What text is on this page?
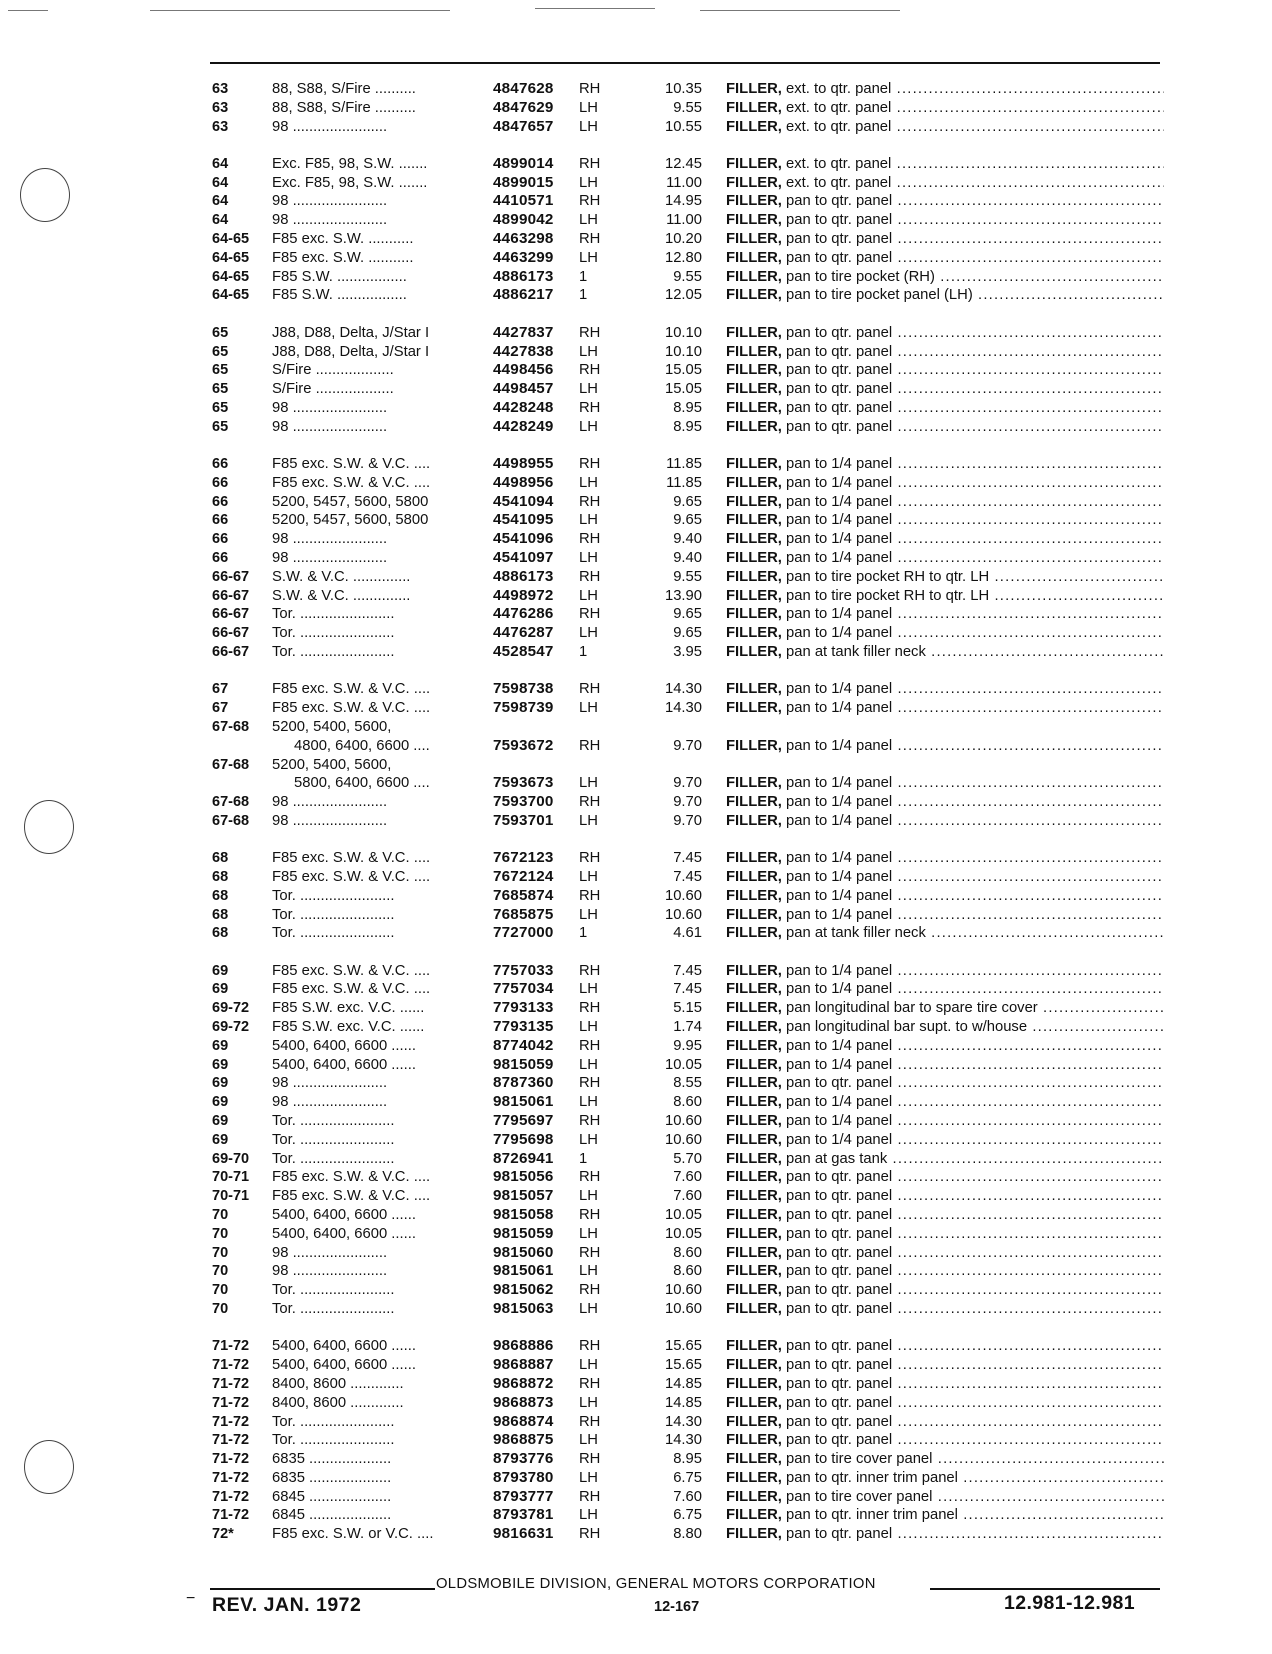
63	88, S88, S/Fire ..........	4847628	RH	10.35 FILLER, ext. to qtr. panel .....
63	88, S88, S/Fire ..........	4847629	LH	9.55 FILLER, ext. to qtr. panel .....
63	98 .......................	4847657	LH	10.55 FILLER, ext. to qtr. panel .....
64	Exc. F85, 98, S.W. .......	4899014	RH	12.45 FILLER, ext. to qtr. panel .....
64	Exc. F85, 98, S.W. .......	4899015	LH	11.00 FILLER, ext. to qtr. panel .....
64	98 .......................	4410571	RH	14.95 FILLER, pan to qtr. panel .....
64	98 .......................	4899042	LH	11.00 FILLER, pan to qtr. panel .....
64-65	F85 exc. S.W. ...........	4463298	RH	10.20 FILLER, pan to qtr. panel .....
64-65	F85 exc. S.W. ...........	4463299	LH	12.80 FILLER, pan to qtr. panel .....
64-65	F85 S.W. .................	4886173	1	9.55 FILLER, pan to tire pocket (RH) .....
64-65	F85 S.W. .................	4886217	1	12.05 FILLER, pan to tire pocket panel (LH) .....
65	J88, D88, Delta, J/Star I	4427837	RH	10.10 FILLER, pan to qtr. panel .....
65	J88, D88, Delta, J/Star I	4427838	LH	10.10 FILLER, pan to qtr. panel .....
65	S/Fire ...................	4498456	RH	15.05 FILLER, pan to qtr. panel .....
65	S/Fire ...................	4498457	LH	15.05 FILLER, pan to qtr. panel .....
65	98 .......................	4428248	RH	8.95 FILLER, pan to qtr. panel .....
65	98 .......................	4428249	LH	8.95 FILLER, pan to qtr. panel .....
66	F85 exc. S.W. & V.C. ....	4498955	RH	11.85 FILLER, pan to 1/4 panel .....
66	F85 exc. S.W. & V.C. ....	4498956	LH	11.85 FILLER, pan to 1/4 panel .....
66	5200, 5457, 5600, 5800	4541094	RH	9.65 FILLER, pan to 1/4 panel .....
66	5200, 5457, 5600, 5800	4541095	LH	9.65 FILLER, pan to 1/4 panel .....
66	98 .......................	4541096	RH	9.40 FILLER, pan to 1/4 panel .....
66	98 .......................	4541097	LH	9.40 FILLER, pan to 1/4 panel .....
66-67	S.W. & V.C. ..............	4886173	RH	9.55 FILLER, pan to tire pocket RH to qtr. LH .....
66-67	S.W. & V.C. ..............	4498972	LH	13.90 FILLER, pan to tire pocket RH to qtr. LH .....
66-67	Tor. .......................	4476286	RH	9.65 FILLER, pan to 1/4 panel .....
66-67	Tor. .......................	4476287	LH	9.65 FILLER, pan to 1/4 panel .....
66-67	Tor. .......................	4528547	1	3.95 FILLER, pan at tank filler neck .....
67	F85 exc. S.W. & V.C. ....	7598738	RH	14.30 FILLER, pan to 1/4 panel .....
67	F85 exc. S.W. & V.C. ....	7598739	LH	14.30 FILLER, pan to 1/4 panel .....
67-68	5200, 5400, 5600,
4800, 6400, 6600 ....	7593672	RH	9.70 FILLER, pan to 1/4 panel .....
67-68	5200, 5400, 5600,
5800, 6400, 6600 ....	7593673	LH	9.70 FILLER, pan to 1/4 panel .....
67-68	98 .......................	7593700	RH	9.70 FILLER, pan to 1/4 panel .....
67-68	98 .......................	7593701	LH	9.70 FILLER, pan to 1/4 panel .....
68	F85 exc. S.W. & V.C. ....	7672123	RH	7.45 FILLER, pan to 1/4 panel .....
68	F85 exc. S.W. & V.C. ....	7672124	LH	7.45 FILLER, pan to 1/4 panel .....
68	Tor. .......................	7685874	RH	10.60 FILLER, pan to 1/4 panel .....
68	Tor. .......................	7685875	LH	10.60 FILLER, pan to 1/4 panel .....
68	Tor. .......................	7727000	1	4.61 FILLER, pan at tank filler neck .....
69	F85 exc. S.W. & V.C. ....	7757033	RH	7.45 FILLER, pan to 1/4 panel .....
69	F85 exc. S.W. & V.C. ....	7757034	LH	7.45 FILLER, pan to 1/4 panel .....
69-72	F85 S.W. exc. V.C. ......	7793133	RH	5.15 FILLER, pan longitudinal bar to spare tire cover .....
69-72	F85 S.W. exc. V.C. ......	7793135	LH	1.74 FILLER, pan longitudinal bar supt. to w/house .....
69	5400, 6400, 6600 ......	8774042	RH	9.95 FILLER, pan to 1/4 panel .....
69	5400, 6400, 6600 ......	9815059	LH	10.05 FILLER, pan to 1/4 panel .....
69	98 .......................	8787360	RH	8.55 FILLER, pan to qtr. panel .....
69	98 .......................	9815061	LH	8.60 FILLER, pan to 1/4 panel .....
69	Tor. .......................	7795697	RH	10.60 FILLER, pan to 1/4 panel .....
69	Tor. .......................	7795698	LH	10.60 FILLER, pan to 1/4 panel .....
69-70	Tor. .......................	8726941	1	5.70 FILLER, pan at gas tank .....
70-71	F85 exc. S.W. & V.C. ....	9815056	RH	7.60 FILLER, pan to qtr. panel .....
70-71	F85 exc. S.W. & V.C. ....	9815057	LH	7.60 FILLER, pan to qtr. panel .....
70	5400, 6400, 6600 ......	9815058	RH	10.05 FILLER, pan to qtr. panel .....
70	5400, 6400, 6600 ......	9815059	LH	10.05 FILLER, pan to qtr. panel .....
70	98 .......................	9815060	RH	8.60 FILLER, pan to qtr. panel .....
70	98 .......................	9815061	LH	8.60 FILLER, pan to qtr. panel .....
70	Tor. .......................	9815062	RH	10.60 FILLER, pan to qtr. panel .....
70	Tor. .......................	9815063	LH	10.60 FILLER, pan to qtr. panel .....
71-72	5400, 6400, 6600 ......	9868886	RH	15.65 FILLER, pan to qtr. panel .....
71-72	5400, 6400, 6600 ......	9868887	LH	15.65 FILLER, pan to qtr. panel .....
71-72	8400, 8600 .............	9868872	RH	14.85 FILLER, pan to qtr. panel .....
71-72	8400, 8600 .............	9868873	LH	14.85 FILLER, pan to qtr. panel .....
71-72	Tor. .......................	9868874	RH	14.30 FILLER, pan to qtr. panel .....
71-72	Tor. .......................	9868875	LH	14.30 FILLER, pan to qtr. panel .....
71-72	6835 ....................	8793776	RH	8.95 FILLER, pan to tire cover panel .....
71-72	6835 ....................	8793780	LH	6.75 FILLER, pan to qtr. inner trim panel .....
71-72	6845 ....................	8793777	RH	7.60 FILLER, pan to tire cover panel .....
71-72	6845 ....................	8793781	LH	6.75 FILLER, pan to qtr. inner trim panel .....
72*	F85 exc. S.W. or V.C. ....	9816631	RH	8.80 FILLER, pan to qtr. panel .....
−
OLDSMOBILE DIVISION, GENERAL MOTORS CORPORATION
REV. JAN. 1972	12-167	12.981-12.981
